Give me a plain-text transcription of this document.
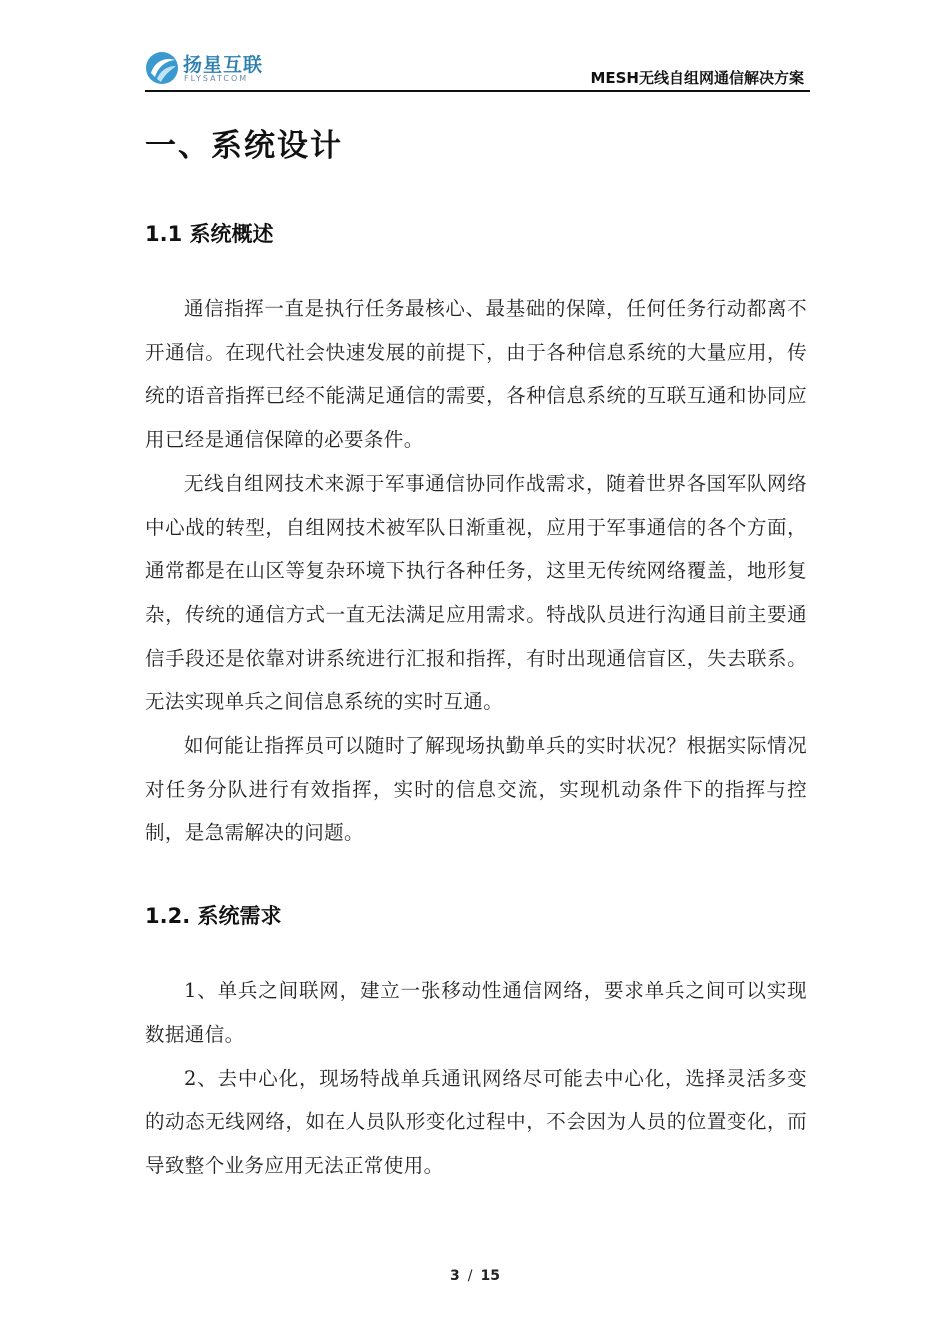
扬星互联
FLYSATCOM	MESH无线自组网通信解决方案
一、系统设计
1.1 系统概述

通信指挥一直是执行任务最核心、最基础的保障，任何任务行动都离不开通信。在现代社会快速发展的前提下，由于各种信息系统的大量应用，传统的语音指挥已经不能满足通信的需要，各种信息系统的互联互通和协同应用已经是通信保障的必要条件。

无线自组网技术来源于军事通信协同作战需求，随着世界各国军队网络中心战的转型，自组网技术被军队日渐重视，应用于军事通信的各个方面，通常都是在山区等复杂环境下执行各种任务，这里无传统网络覆盖，地形复杂，传统的通信方式一直无法满足应用需求。特战队员进行沟通目前主要通信手段还是依靠对讲系统进行汇报和指挥，有时出现通信盲区，失去联系。无法实现单兵之间信息系统的实时互通。

如何能让指挥员可以随时了解现场执勤单兵的实时状况？根据实际情况对任务分队进行有效指挥，实时的信息交流，实现机动条件下的指挥与控制，是急需解决的问题。

1.2. 系统需求

1、单兵之间联网，建立一张移动性通信网络，要求单兵之间可以实现数据通信。

2、去中心化，现场特战单兵通讯网络尽可能去中心化，选择灵活多变的动态无线网络，如在人员队形变化过程中，不会因为人员的位置变化，而导致整个业务应用无法正常使用。

3 / 15
